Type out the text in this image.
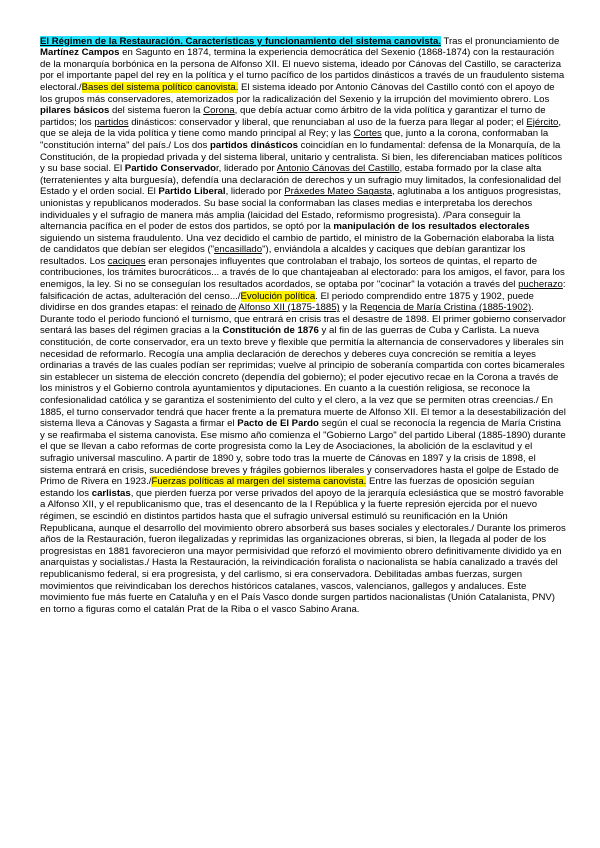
El Régimen de la Restauración. Características y funcionamiento del sistema canovista. Tras el pronunciamiento de Martínez Campos en Sagunto en 1874, termina la experiencia democrática del Sexenio (1868-1874) con la restauración de la monarquía borbónica en la persona de Alfonso XII. El nuevo sistema, ideado por Cánovas del Castillo, se caracteriza por el importante papel del rey en la política y el turno pacífico de los partidos dinásticos a través de un fraudulento sistema electoral./Bases del sistema político canovista. El sistema ideado por Antonio Cánovas del Castillo contó con el apoyo de los grupos más conservadores, atemorizados por la radicalización del Sexenio y la irrupción del movimiento obrero. Los pilares básicos del sistema fueron la Corona, que debía actuar como árbitro de la vida política y garantizar el turno de partidos; los partidos dinásticos: conservador y liberal, que renunciaban al uso de la fuerza para llegar al poder; el Ejército, que se aleja de la vida política y tiene como mando principal al Rey; y las Cortes que, junto a la corona, conformaban la "constitución interna" del país./ Los dos partidos dinásticos coincidían en lo fundamental: defensa de la Monarquía, de la Constitución, de la propiedad privada y del sistema liberal, unitario y centralista. Si bien, les diferenciaban matices políticos y su base social. El Partido Conservador, liderado por Antonio Cánovas del Castillo, estaba formado por la clase alta (terratenientes y alta burguesía), defendía una declaración de derechos y un sufragio muy limitados, la confesionalidad del Estado y el orden social. El Partido Liberal, liderado por Práxedes Mateo Sagasta, aglutinaba a los antiguos progresistas, unionistas y republicanos moderados. Su base social la conformaban las clases medias e interpretaba los derechos individuales y el sufragio de manera más amplia (laicidad del Estado, reformismo progresista). /Para conseguir la alternancia pacífica en el poder de estos dos partidos, se optó por la manipulación de los resultados electorales siguiendo un sistema fraudulento. Una vez decidido el cambio de partido, el ministro de la Gobernación elaboraba la lista de candidatos que debían ser elegidos ("encasillado"), enviándola a alcaldes y caciques que debían garantizar los resultados. Los caciques eran personajes influyentes que controlaban el trabajo, los sorteos de quintas, el reparto de contribuciones, los trámites burocráticos... a través de lo que chantajeaban al electorado: para los amigos, el favor, para los enemigos, la ley. Si no se conseguían los resultados acordados, se optaba por "cocinar" la votación a través del pucherazo: falsificación de actas, adulteración del censo.../Evolución política. El periodo comprendido entre 1875 y 1902, puede dividirse en dos grandes etapas: el reinado de Alfonso XII (1875-1885) y la Regencia de María Cristina (1885-1902). Durante todo el periodo funcionó el turnismo, que entrará en crisis tras el desastre de 1898. El primer gobierno conservador sentará las bases del régimen gracias a la Constitución de 1876 y al fin de las guerras de Cuba y Carlista. La nueva constitución, de corte conservador, era un texto breve y flexible que permitía la alternancia de conservadores y liberales sin necesidad de reformarlo. Recogía una amplia declaración de derechos y deberes cuya concreción se remitía a leyes ordinarias a través de las cuales podían ser reprimidas; vuelve al principio de soberanía compartida con cortes bicamerales sin establecer un sistema de elección concreto (dependía del gobierno); el poder ejecutivo recae en la Corona a través de los ministros y el Gobierno controla ayuntamientos y diputaciones. En cuanto a la cuestión religiosa, se reconoce la confesionalidad católica y se garantiza el sostenimiento del culto y el clero, a la vez que se permiten otras creencias./ En 1885, el turno conservador tendrá que hacer frente a la prematura muerte de Alfonso XII. El temor a la desestabilización del sistema lleva a Cánovas y Sagasta a firmar el Pacto de El Pardo según el cual se reconocía la regencia de María Cristina y se reafirmaba el sistema canovista. Ese mismo año comienza el "Gobierno Largo" del partido Liberal (1885-1890) durante el que se llevan a cabo reformas de corte progresista como la Ley de Asociaciones, la abolición de la esclavitud y el sufragio universal masculino. A partir de 1890 y, sobre todo tras la muerte de Cánovas en 1897 y la crisis de 1898, el sistema entrará en crisis, sucediéndose breves y frágiles gobiernos liberales y conservadores hasta el golpe de Estado de Primo de Rivera en 1923./Fuerzas políticas al margen del sistema canovista. Entre las fuerzas de oposición seguían estando los carlistas, que pierden fuerza por verse privados del apoyo de la jerarquía eclesiástica que se mostró favorable a Alfonso XII, y el republicanismo que, tras el desencanto de la I República y la fuerte represión ejercida por el nuevo régimen, se escindió en distintos partidos hasta que el sufragio universal estimuló su reunificación en la Unión Republicana, aunque el desarrollo del movimiento obrero absorberá sus bases sociales y electorales./ Durante los primeros años de la Restauración, fueron ilegalizadas y reprimidas las organizaciones obreras, si bien, la llegada al poder de los progresistas en 1881 favorecieron una mayor permisividad que reforzó el movimiento obrero definitivamente dividido ya en anarquistas y socialistas./ Hasta la Restauración, la reivindicación foralista o nacionalista se había canalizado a través del republicanismo federal, si era progresista, y del carlismo, si era conservadora. Debilitadas ambas fuerzas, surgen movimientos que reivindicaban los derechos históricos catalanes, vascos, valencianos, gallegos y andaluces. Este movimiento fue más fuerte en Cataluña y en el País Vasco donde surgen partidos nacionalistas (Unión Catalanista, PNV) en torno a figuras como el catalán Prat de la Riba o el vasco Sabino Arana.
